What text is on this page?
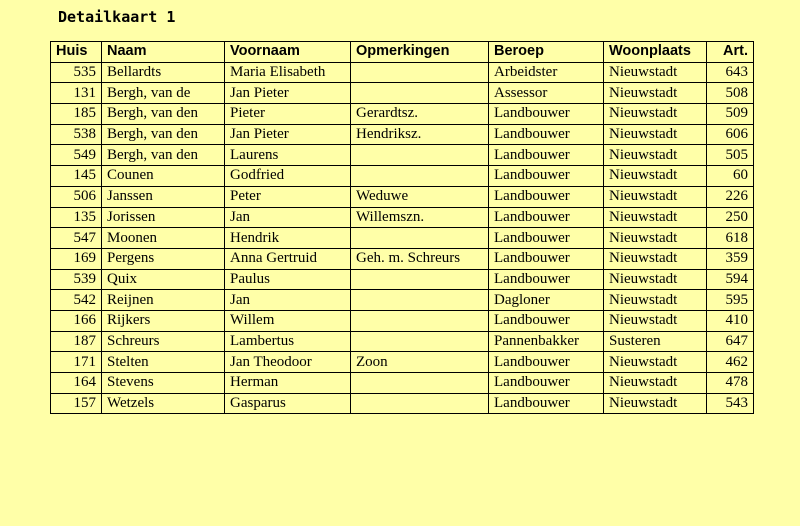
Detailkaart 1
Huis	Naam	Voornaam	Opmerkingen	Beroep	Woonplaats	Art.
535	Bellardts	Maria Elisabeth		Arbeidster	Nieuwstadt	643
131	Bergh, van de	Jan Pieter		Assessor	Nieuwstadt	508
185	Bergh, van den	Pieter	Gerardtsz.	Landbouwer	Nieuwstadt	509
538	Bergh, van den	Jan Pieter	Hendriksz.	Landbouwer	Nieuwstadt	606
549	Bergh, van den	Laurens		Landbouwer	Nieuwstadt	505
145	Counen	Godfried		Landbouwer	Nieuwstadt	60
506	Janssen	Peter	Weduwe	Landbouwer	Nieuwstadt	226
135	Jorissen	Jan	Willemszn.	Landbouwer	Nieuwstadt	250
547	Moonen	Hendrik		Landbouwer	Nieuwstadt	618
169	Pergens	Anna Gertruid	Geh. m. Schreurs	Landbouwer	Nieuwstadt	359
539	Quix	Paulus		Landbouwer	Nieuwstadt	594
542	Reijnen	Jan		Dagloner	Nieuwstadt	595
166	Rijkers	Willem		Landbouwer	Nieuwstadt	410
187	Schreurs	Lambertus		Pannenbakker	Susteren	647
171	Stelten	Jan Theodoor	Zoon	Landbouwer	Nieuwstadt	462
164	Stevens	Herman		Landbouwer	Nieuwstadt	478
157	Wetzels	Gasparus		Landbouwer	Nieuwstadt	543
